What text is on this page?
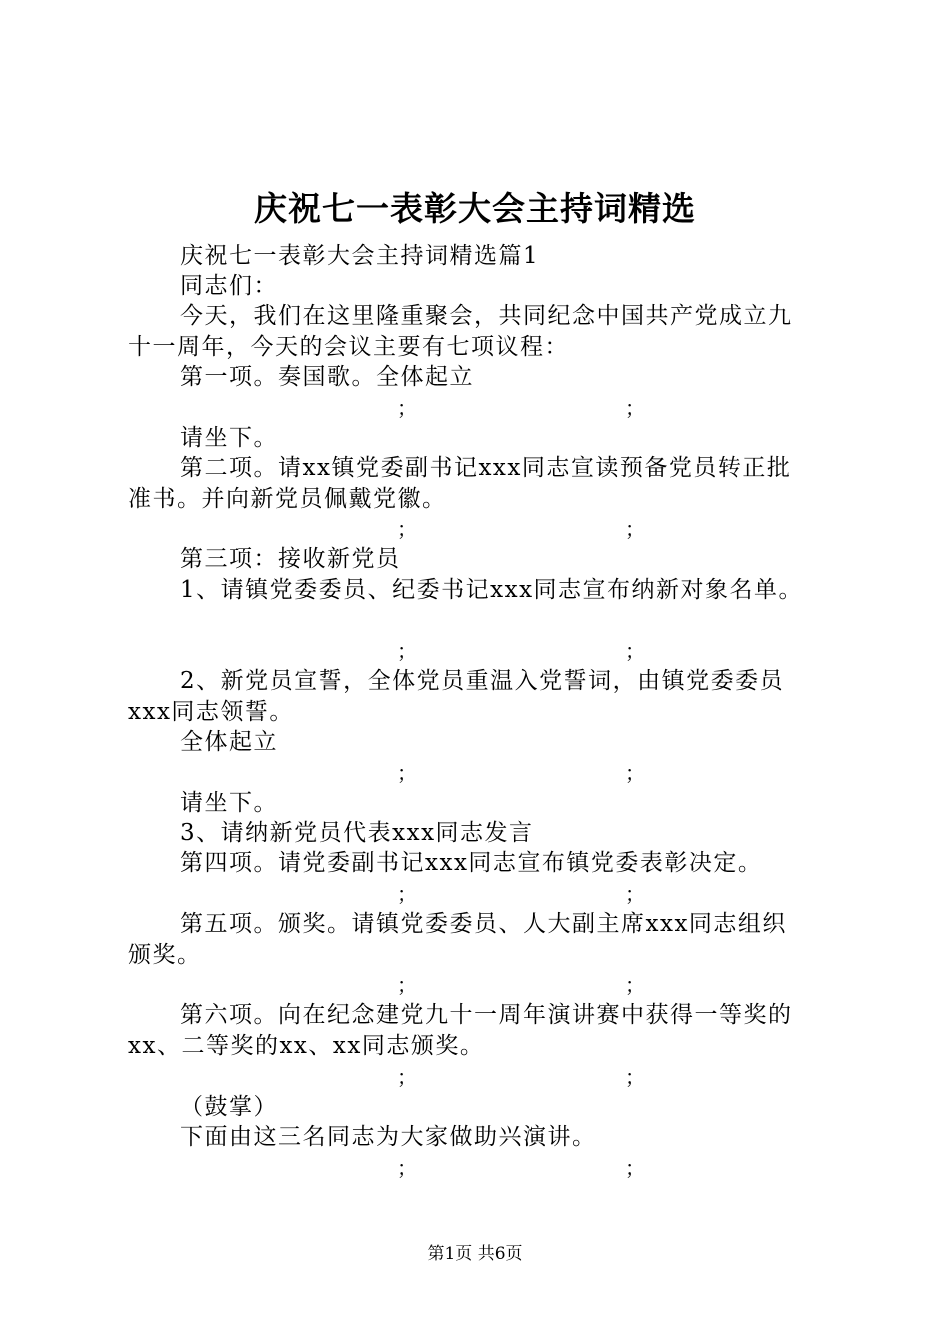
庆祝七一表彰大会主持词精选
庆祝七一表彰大会主持词精选篇1
同志们：
今天，我们在这里隆重聚会，共同纪念中国共产党成立九
十一周年，今天的会议主要有七项议程：
第一项。奏国歌。全体起立
；	；
请坐下。
第二项。请xx镇党委副书记xxx同志宣读预备党员转正批
准书。并向新党员佩戴党徽。
；	；
第三项：接收新党员
1、请镇党委委员、纪委书记xxx同志宣布纳新对象名单。
；	；
2、新党员宣誓，全体党员重温入党誓词，由镇党委委员
xxx同志领誓。
全体起立
；	；
请坐下。
3、请纳新党员代表xxx同志发言
第四项。请党委副书记xxx同志宣布镇党委表彰决定。
；	；
第五项。颁奖。请镇党委委员、人大副主席xxx同志组织
颁奖。
；	；
第六项。向在纪念建党九十一周年演讲赛中获得一等奖的
xx、二等奖的xx、xx同志颁奖。
；	；
（鼓掌）
下面由这三名同志为大家做助兴演讲。
；	；
第1页 共6页
